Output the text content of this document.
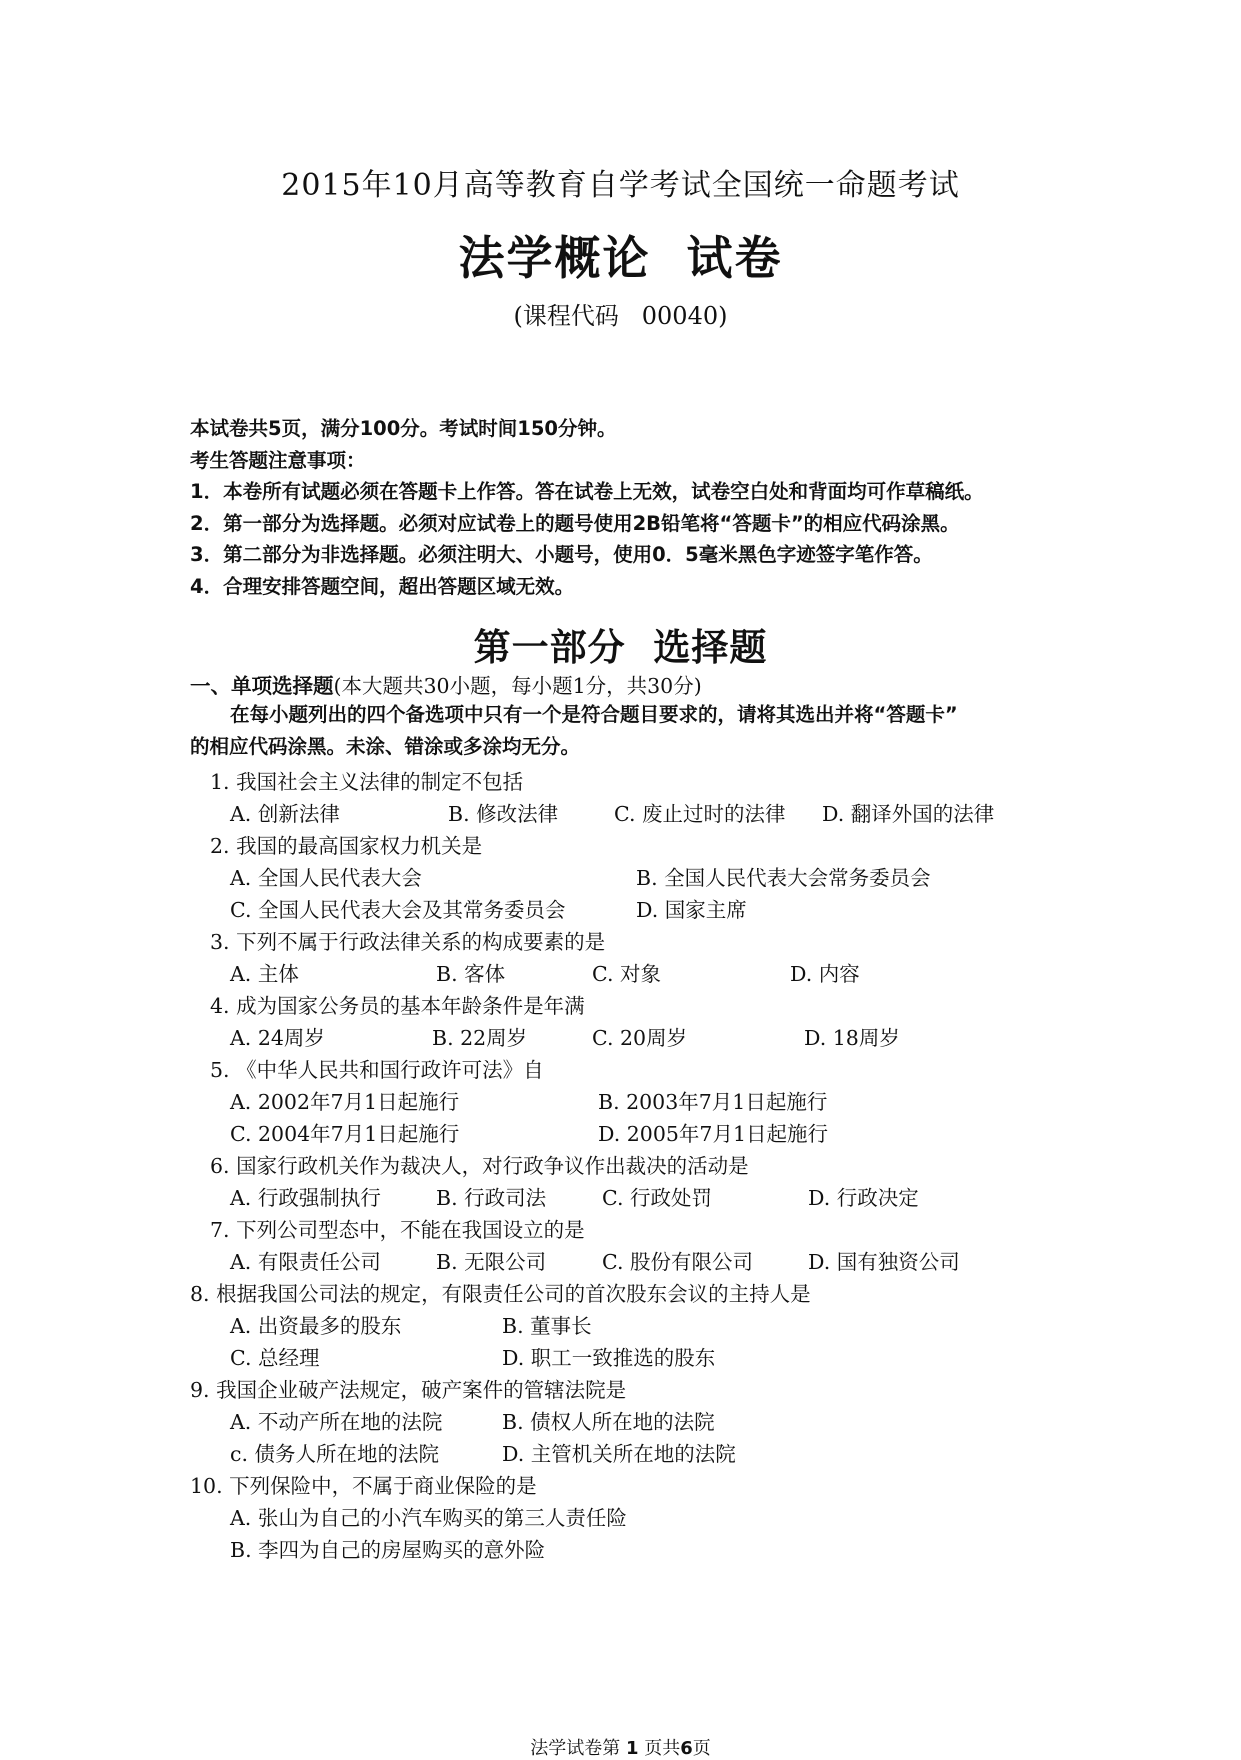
2015年10月高等教育自学考试全国统一命题考试
法学概论  试卷
(课程代码   00040)
本试卷共5页，满分100分。考试时间150分钟。
考生答题注意事项：
1．本卷所有试题必须在答题卡上作答。答在试卷上无效，试卷空白处和背面均可作草稿纸。
2．第一部分为选择题。必须对应试卷上的题号使用2B铅笔将“答题卡”的相应代码涂黑。
3．第二部分为非选择题。必须注明大、小题号，使用0．5毫米黑色字迹签字笔作答。
4．合理安排答题空间，超出答题区域无效。
第一部分  选择题
一、单项选择题(本大题共30小题，每小题1分，共30分)
在每小题列出的四个备选项中只有一个是符合题目要求的，请将其选出并将“答题卡”
的相应代码涂黑。未涂、错涂或多涂均无分。
1. 我国社会主义法律的制定不包括
A. 创新法律	B. 修改法律	C. 废止过时的法律 D. 翻译外国的法律
2. 我国的最高国家权力机关是
A. 全国人民代表大会	B. 全国人民代表大会常务委员会
C. 全国人民代表大会及其常务委员会	D. 国家主席
3. 下列不属于行政法律关系的构成要素的是
A. 主体	B. 客体	C. 对象	D. 内容
4. 成为国家公务员的基本年龄条件是年满
A. 24周岁	B. 22周岁	C. 20周岁	D. 18周岁
5. 《中华人民共和国行政许可法》自
A. 2002年7月1日起施行	B. 2003年7月1日起施行
C. 2004年7月1日起施行	D. 2005年7月1日起施行
6. 国家行政机关作为裁决人，对行政争议作出裁决的活动是
A. 行政强制执行	B. 行政司法	C. 行政处罚	D. 行政决定
7. 下列公司型态中，不能在我国设立的是
A. 有限责任公司	B. 无限公司	C. 股份有限公司	D. 国有独资公司
8. 根据我国公司法的规定，有限责任公司的首次股东会议的主持人是
A. 出资最多的股东	B. 董事长
C. 总经理	D. 职工一致推选的股东
9. 我国企业破产法规定，破产案件的管辖法院是
A. 不动产所在地的法院	B. 债权人所在地的法院
c. 债务人所在地的法院	D. 主管机关所在地的法院
10. 下列保险中，不属于商业保险的是
A. 张山为自己的小汽车购买的第三人责任险
B. 李四为自己的房屋购买的意外险
法学试卷第 1 页共6页
